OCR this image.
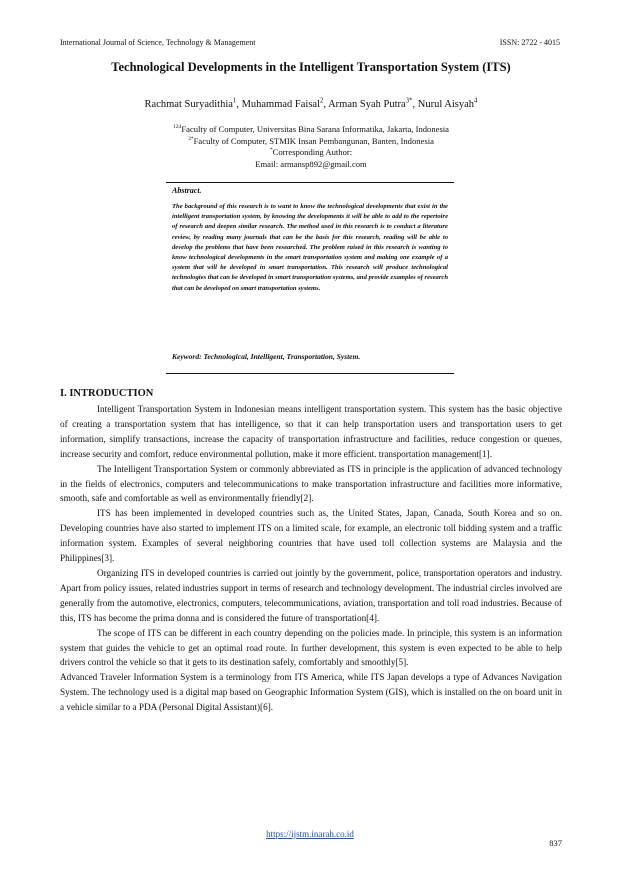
International Journal of Science, Technology & Management	ISSN: 2722 - 4015
Technological Developments in the Intelligent Transportation System (ITS)
Rachmat Suryadithia$^1$, Muhammad Faisal$^2$, Arman Syah Putra$^{3*}$, Nurul Aisyah$^4$
$^{124}$Faculty of Computer, Universitas Bina Sarana Informatika, Jakarta, Indonesia
$^{3*}$Faculty of Computer, STMIK Insan Pembangunan, Banten, Indonesia
*Corresponding Author:
Email: armansp892@gmail.com
Abstract.
The background of this research is to want to know the technological developments that exist in the intelligent transportation system, by knowing the developments it will be able to add to the repertoire of research and deepen similar research. The method used in this research is to conduct a literature review, by reading many journals that can be the basis for this research, reading will be able to develop the problems that have been researched. The problem raised in this research is wanting to know technological developments in the smart transportation system and making one example of a system that will be developed in smart transportation. This research will produce technological technologies that can be developed in smart transportation systems, and provide examples of research that can be developed on smart transportation systems.
Keyword: Technological, Intelligent, Transportation, System.
I. INTRODUCTION

Intelligent Transportation System in Indonesian means intelligent transportation system. This system has the basic objective of creating a transportation system that has intelligence, so that it can help transportation users and transportation users to get information, simplify transactions, increase the capacity of transportation infrastructure and facilities, reduce congestion or queues, increase security and comfort, reduce environmental pollution, make it more efficient. transportation management[1].

The Intelligent Transportation System or commonly abbreviated as ITS in principle is the application of advanced technology in the fields of electronics, computers and telecommunications to make transportation infrastructure and facilities more informative, smooth, safe and comfortable as well as environmentally friendly[2].

ITS has been implemented in developed countries such as, the United States, Japan, Canada, South Korea and so on. Developing countries have also started to implement ITS on a limited scale, for example, an electronic toll bidding system and a traffic information system. Examples of several neighboring countries that have used toll collection systems are Malaysia and the Philippines[3].

Organizing ITS in developed countries is carried out jointly by the government, police, transportation operators and industry. Apart from policy issues, related industries support in terms of research and technology development. The industrial circles involved are generally from the automotive, electronics, computers, telecommunications, aviation, transportation and toll road industries. Because of this, ITS has become the prima donna and is considered the future of transportation[4].

The scope of ITS can be different in each country depending on the policies made. In principle, this system is an information system that guides the vehicle to get an optimal road route. In further development, this system is even expected to be able to help drivers control the vehicle so that it gets to its destination safely, comfortably and smoothly[5].

Advanced Traveler Information System is a terminology from ITS America, while ITS Japan develops a type of Advances Navigation System. The technology used is a digital map based on Geographic Information System (GIS), which is installed on the on board unit in a vehicle similar to a PDA (Personal Digital Assistant)[6].

https://ijstm.inarah.co.id
837
